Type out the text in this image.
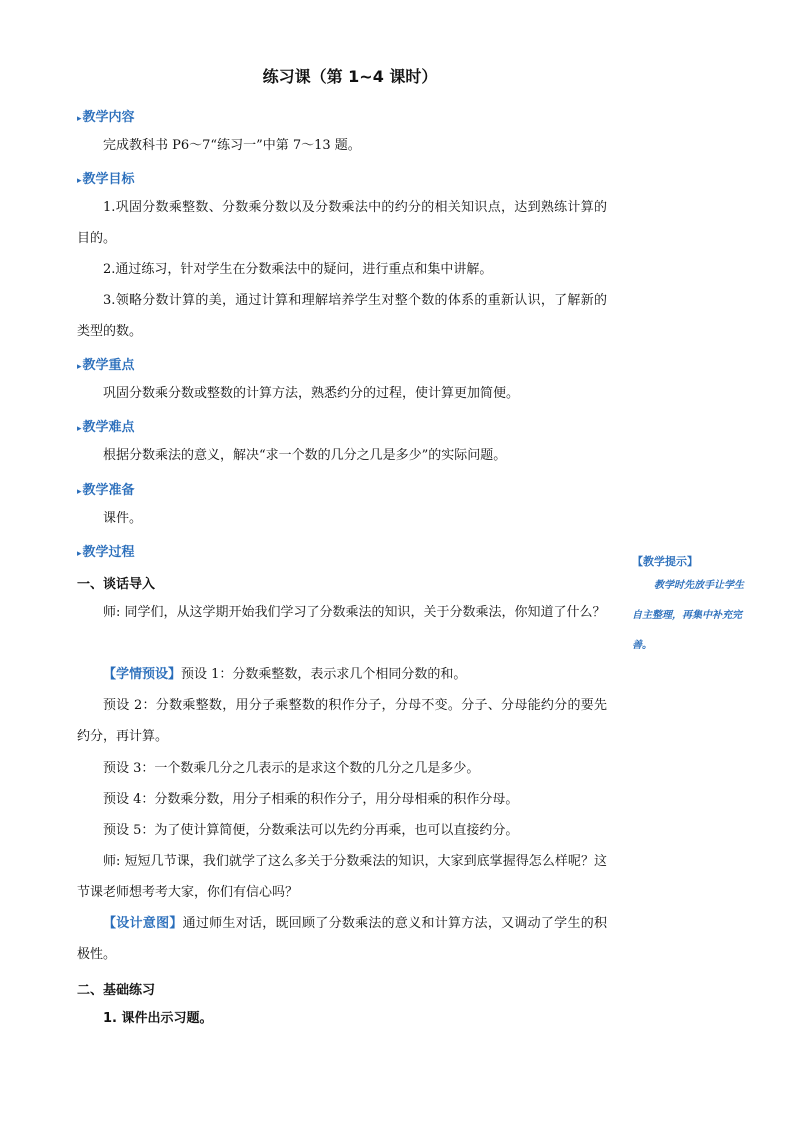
练习课（第 1~4 课时）
▸教学内容
完成教科书 P6～7“练习一”中第 7～13 题。
▸教学目标
1.巩固分数乘整数、分数乘分数以及分数乘法中的约分的相关知识点，达到熟练计算的目的。
2.通过练习，针对学生在分数乘法中的疑问，进行重点和集中讲解。
3.领略分数计算的美，通过计算和理解培养学生对整个数的体系的重新认识，了解新的类型的数。
▸教学重点
巩固分数乘分数或整数的计算方法，熟悉约分的过程，使计算更加简便。
▸教学难点
根据分数乘法的意义，解决“求一个数的几分之几是多少”的实际问题。
▸教学准备
课件。
▸教学过程
一、谈话导入
师: 同学们，从这学期开始我们学习了分数乘法的知识，关于分数乘法，你知道了什么？
【学情预设】预设 1：分数乘整数，表示求几个相同分数的和。
预设 2：分数乘整数，用分子乘整数的积作分子，分母不变。分子、分母能约分的要先约分，再计算。
预设 3：一个数乘几分之几表示的是求这个数的几分之几是多少。
预设 4：分数乘分数，用分子相乘的积作分子，用分母相乘的积作分母。
预设 5：为了使计算简便，分数乘法可以先约分再乘，也可以直接约分。
师: 短短几节课，我们就学了这么多关于分数乘法的知识，大家到底掌握得怎么样呢？这节课老师想考考大家，你们有信心吗？
【设计意图】通过师生对话，既回顾了分数乘法的意义和计算方法，又调动了学生的积极性。
二、基础练习
1. 课件出示习题。
【教学提示】
教学时先放手让学生自主整理，再集中补充完善。
